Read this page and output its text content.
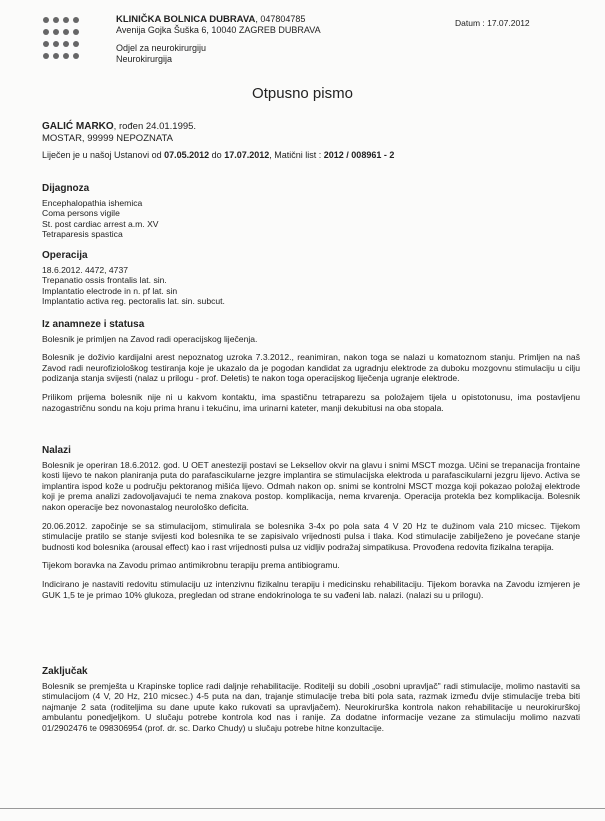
KLINIČKA BOLNICA DUBRAVA, 047804785
Avenija Gojka Šuška 6, 10040 ZAGREB DUBRAVA
Odjel za neurokirurgiju
Neurokirurgija
Datum : 17.07.2012
Otpusno pismo
GALIĆ MARKO, rođen 24.01.1995.
MOSTAR, 99999 NEPOZNATA
Liječen je u našoj Ustanovi od 07.05.2012 do 17.07.2012, Matični list : 2012 / 008961 - 2
Dijagnoza
Encephalopathia ishemica
Coma persons vigile
St. post cardiac arrest a.m. XV
Tetraparesis spastica
Operacija
18.6.2012. 4472, 4737
Trepanatio ossis frontalis lat. sin.
Implantatio electrode in n. pf lat. sin
Implantatio activa reg. pectoralis lat. sin. subcut.
Iz anamneze i statusa

Bolesnik je primljen na Zavod radi operacijskog liječenja.

Bolesnik je doživio kardijalni arest nepoznatog uzroka 7.3.2012., reanimiran, nakon toga se nalazi u komatoznom stanju. Primljen na naš Zavod radi neurofiziološkog testiranja koje je ukazalo da je pogodan kandidat za ugradnju elektrode za duboku mozgovnu stimulaciju u cilju podizanja stanja svijesti (nalaz u prilogu - prof. Deletis) te nakon toga operacijskog liječenja ugranje elektrode.

Prilikom prijema bolesnik nije ni u kakvom kontaktu, ima spastičnu tetraparezu sa položajem tijela u opistotonusu, ima postavljenu nazogastričnu sondu na koju prima hranu i tekućinu, ima urinarni kateter, manji dekubitusi na oba stopala.

Nalazi

Bolesnik je operiran 18.6.2012. god. U OET anesteziji postavi se Leksellov okvir na glavu i snimi MSCT mozga. Učini se trepanacija frontaine kosti lijevo te nakon planiranja puta do parafascikularne jezgre implantira se stimulacijska elektroda u parafascikularni jezgru lijevo. Activa se implantira ispod kože u području pektoranog mišića lijevo. Odmah nakon op. snimi se kontrolni MSCT mozga koji pokazao položaj elektrode koji je prema analizi zadovoljavajući te nema znakova postop. komplikacija, nema krvarenja. Operacija protekla bez komplikacija. Bolesnik nakon operacije bez novonastalog neurološko deficita.

20.06.2012. započinje se sa stimulacijom, stimulirala se bolesnika 3-4x po pola sata 4 V 20 Hz te dužinom vala 210 micsec. Tijekom stimulacije pratilo se stanje svijesti kod bolesnika te se zapisivalo vrijednosti pulsa i tlaka. Kod stimulacije zabilježeno je povećane stanje budnosti kod bolesnika (arousal effect) kao i rast vrijednosti pulsa uz vidljiv podražaj simpatikusa. Provođena redovita fizikalna terapija.

Tijekom boravka na Zavodu primao antimikrobnu terapiju prema antibiogramu.

Indicirano je nastaviti redovitu stimulaciju uz intenzivnu fizikalnu terapiju i medicinsku rehabilitaciju. Tijekom boravka na Zavodu izmjeren je GUK 1,5 te je primao 10% glukoza, pregledan od strane endokrinologa te su vađeni lab. nalazi. (nalazi su u prilogu).

Zaključak

Bolesnik se premješta u Krapinske toplice radi daljnje rehabilitacije. Roditelji su dobili „osobni upravljač" radi stimulacije, molimo nastaviti sa stimulacijom (4 V, 20 Hz, 210 micsec.) 4-5 puta na dan, trajanje stimulacije treba biti pola sata, razmak između dvije stimulacije treba biti najmanje 2 sata (roditeljima su dane upute kako rukovati sa upravljačem). Neurokirurška kontrola nakon rehabilitacije u neurokirurškoj ambulantu ponedjeljkom. U slučaju potrebe kontrola kod nas i ranije. Za dodatne informacije vezane za stimulaciju molimo nazvati 01/2902476 te 098306954 (prof. dr. sc. Darko Chudy) u slučaju potrebe hitne konzultacije.
